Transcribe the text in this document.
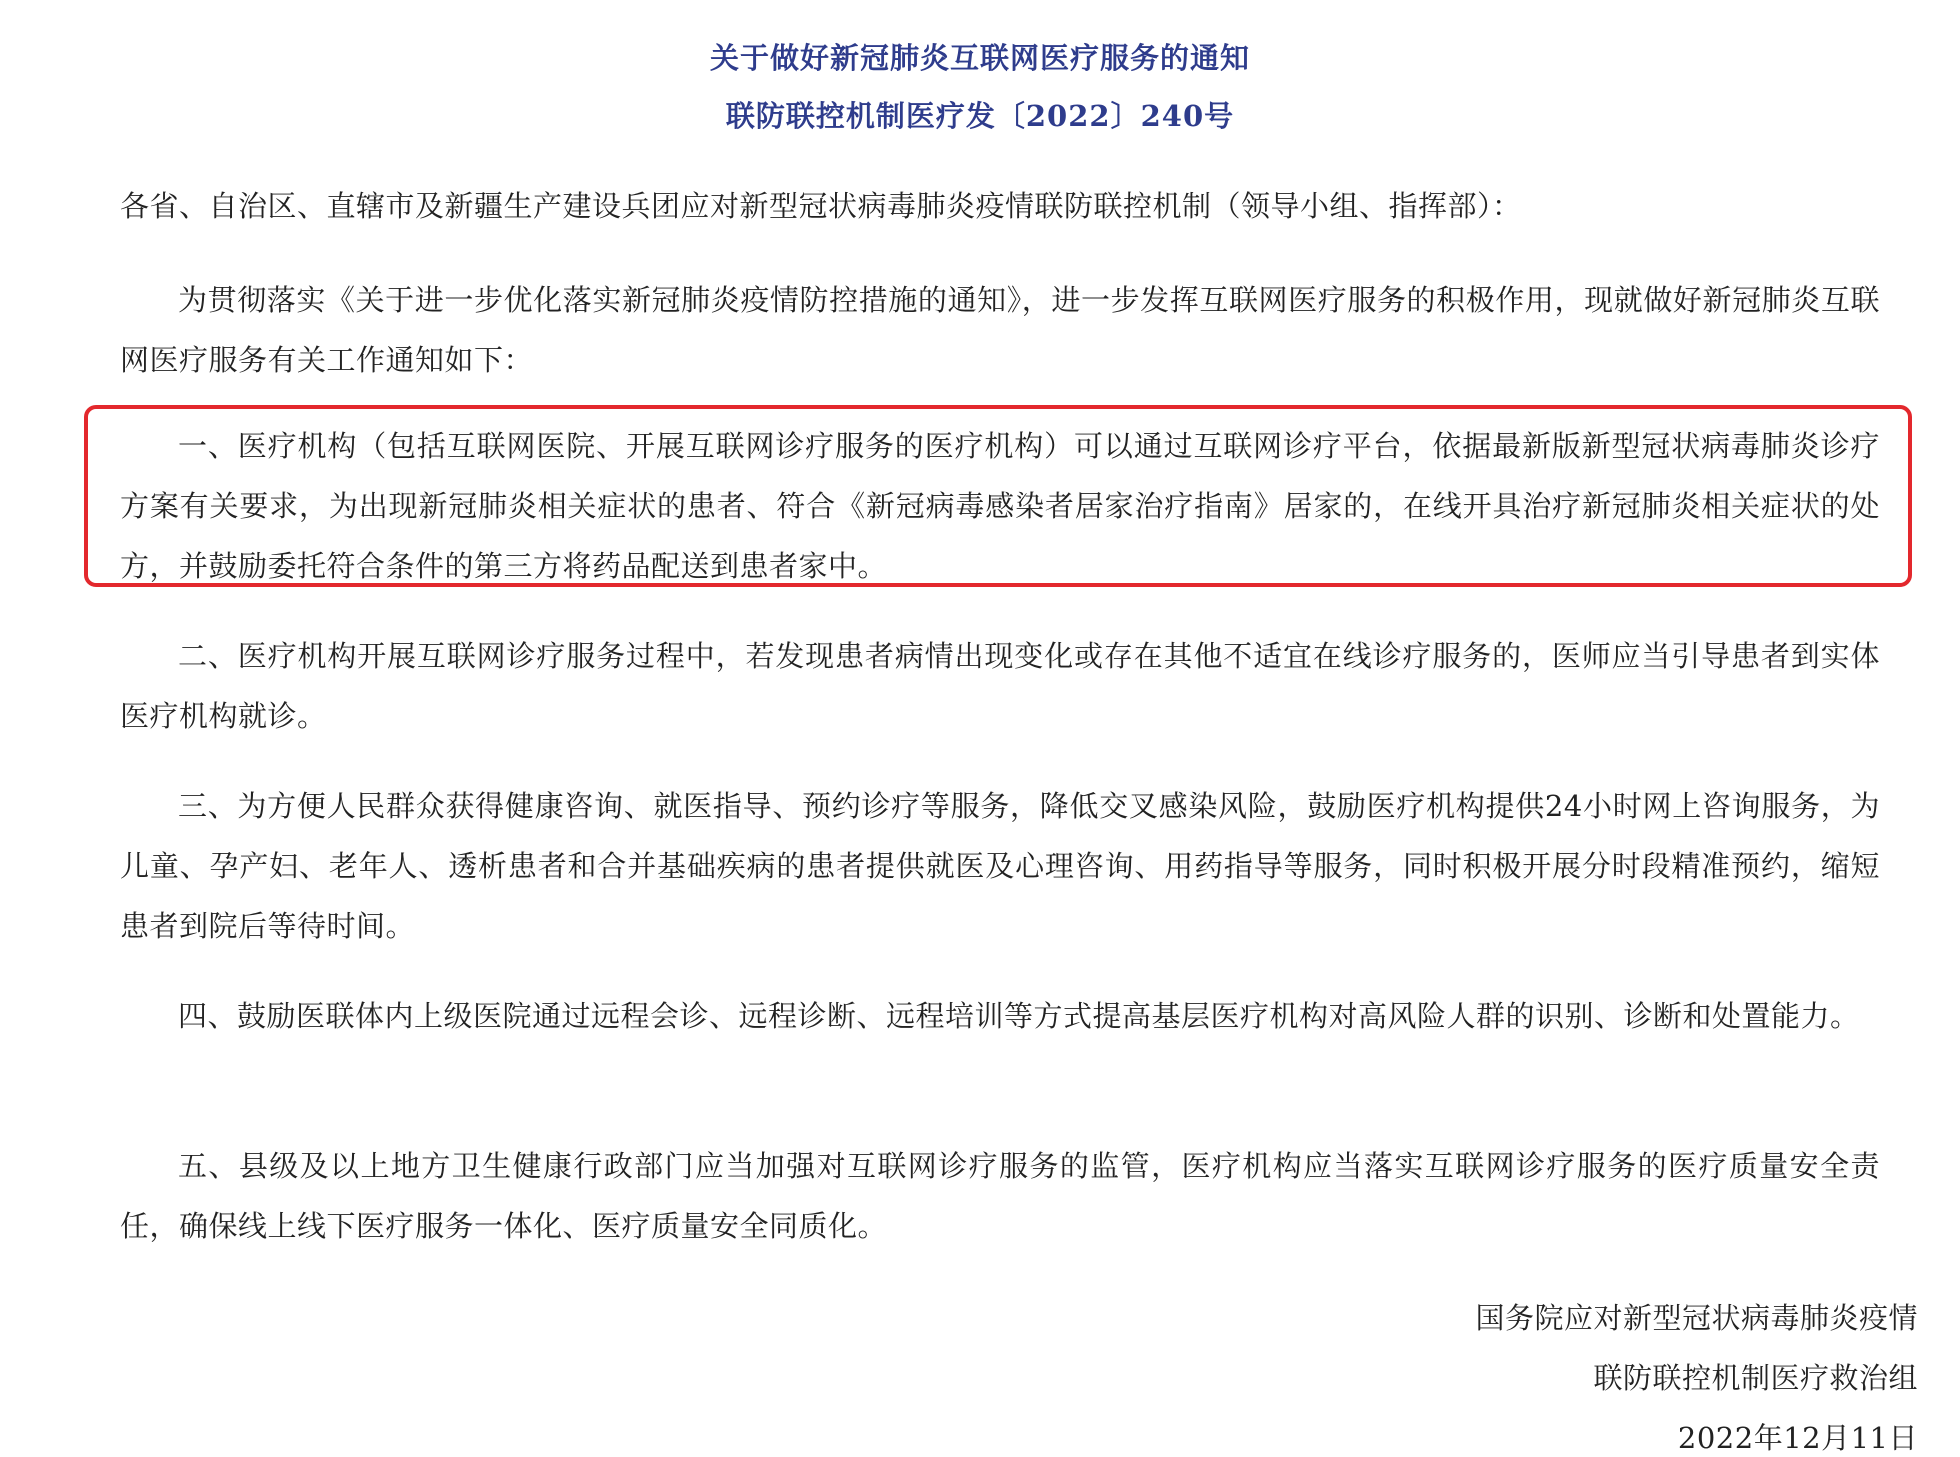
关于做好新冠肺炎互联网医疗服务的通知
联防联控机制医疗发〔2022〕240号

各省、自治区、直辖市及新疆生产建设兵团应对新型冠状病毒肺炎疫情联防联控机制（领导小组、指挥部）：

为贯彻落实《关于进一步优化落实新冠肺炎疫情防控措施的通知》，进一步发挥互联网医疗服务的积极作用，现就做好新冠肺炎互联网医疗服务有关工作通知如下：

一、医疗机构（包括互联网医院、开展互联网诊疗服务的医疗机构）可以通过互联网诊疗平台，依据最新版新型冠状病毒肺炎诊疗方案有关要求，为出现新冠肺炎相关症状的患者、符合《新冠病毒感染者居家治疗指南》居家的，在线开具治疗新冠肺炎相关症状的处方，并鼓励委托符合条件的第三方将药品配送到患者家中。

二、医疗机构开展互联网诊疗服务过程中，若发现患者病情出现变化或存在其他不适宜在线诊疗服务的，医师应当引导患者到实体医疗机构就诊。

三、为方便人民群众获得健康咨询、就医指导、预约诊疗等服务，降低交叉感染风险，鼓励医疗机构提供24小时网上咨询服务，为儿童、孕产妇、老年人、透析患者和合并基础疾病的患者提供就医及心理咨询、用药指导等服务，同时积极开展分时段精准预约，缩短患者到院后等待时间。

四、鼓励医联体内上级医院通过远程会诊、远程诊断、远程培训等方式提高基层医疗机构对高风险人群的识别、诊断和处置能力。

五、县级及以上地方卫生健康行政部门应当加强对互联网诊疗服务的监管，医疗机构应当落实互联网诊疗服务的医疗质量安全责任，确保线上线下医疗服务一体化、医疗质量安全同质化。

国务院应对新型冠状病毒肺炎疫情
联防联控机制医疗救治组
2022年12月11日
